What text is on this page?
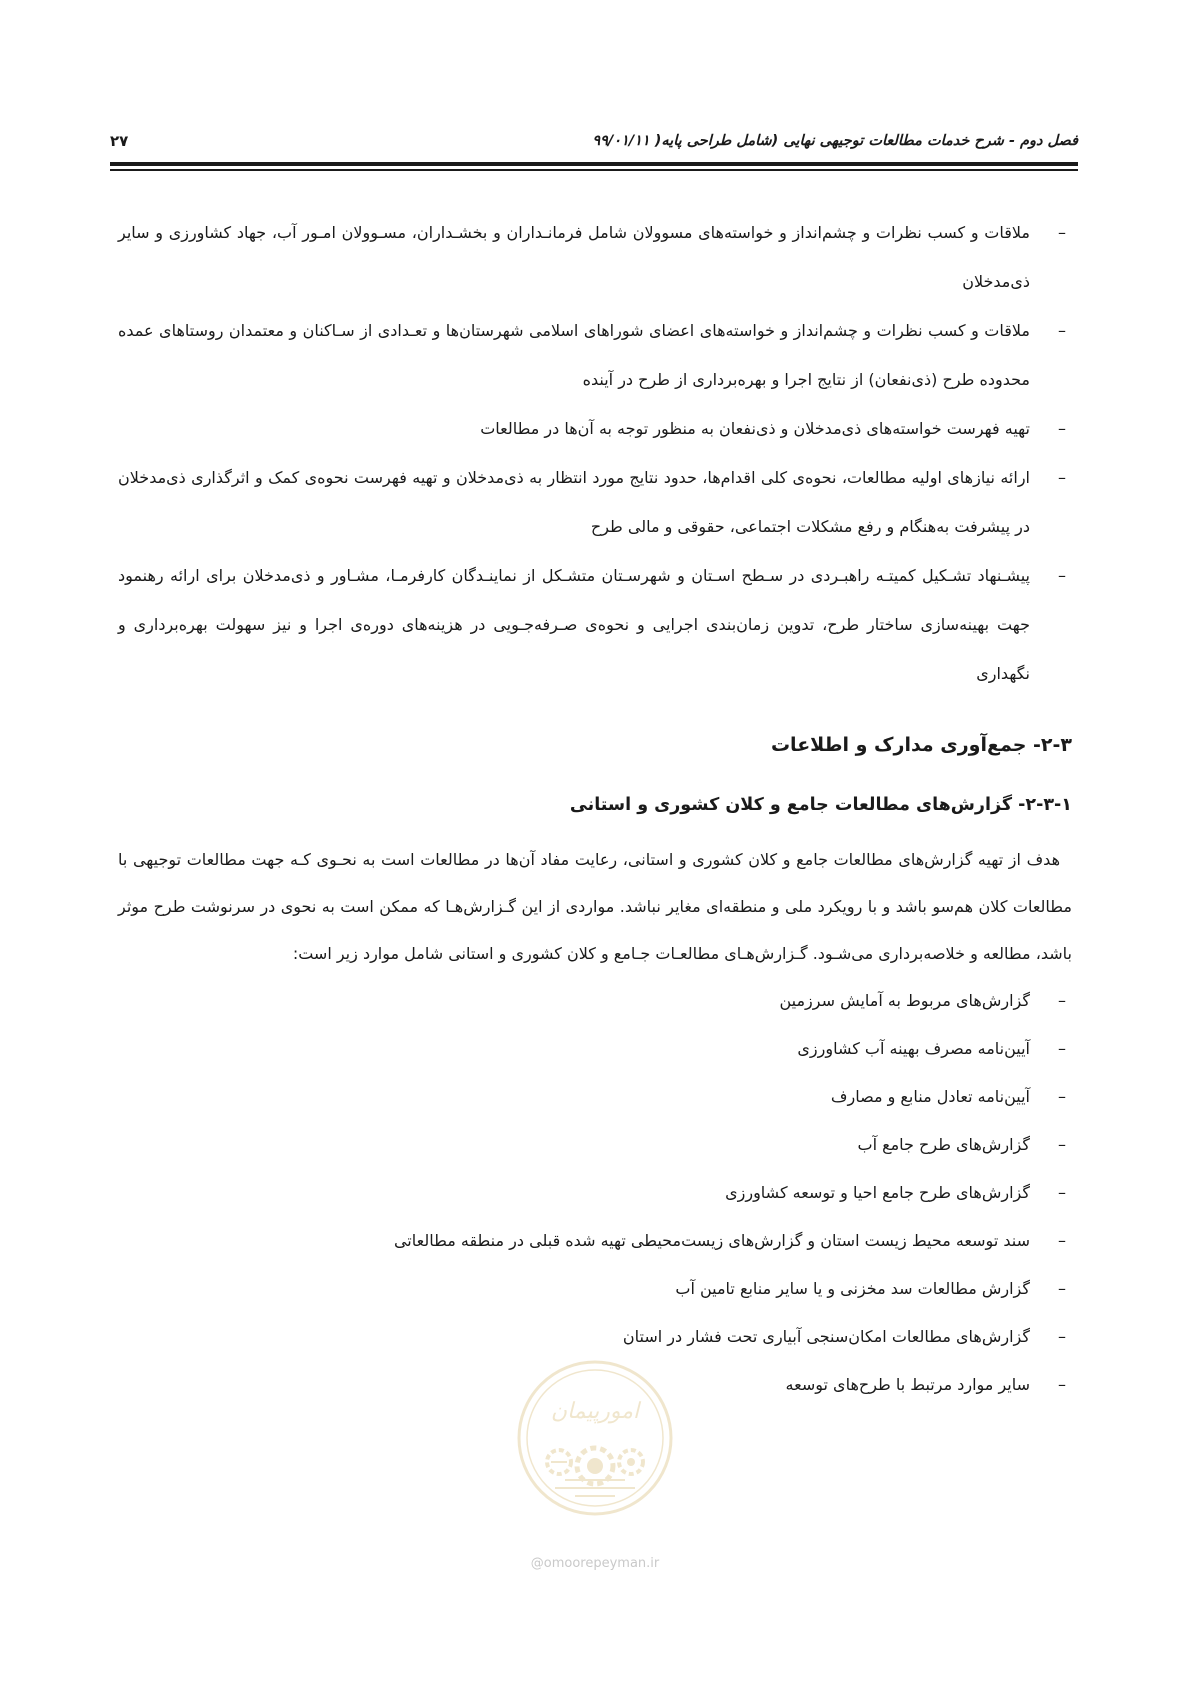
فصل دوم - شرح خدمات مطالعات توجیهی نهایی (شامل طراحی پایه( ۹۹/۰۱/۱۱
۲۷
–
ملاقات و کسب نظرات و چشم‌انداز و خواسته‌های مسوولان شامل فرمانـداران و بخشـداران، مسـوولان امـور آب، جهاد کشاورزی و سایر ذی‌مدخلان
–
ملاقات و کسب نظرات و چشم‌انداز و خواسته‌های اعضای شوراهای اسلامی شهرستان‌ها و تعـدادی از سـاکنان و معتمدان روستاهای عمده محدوده طرح (ذی‌نفعان) از نتایج اجرا و بهره‌برداری از طرح در آینده
–
تهیه فهرست خواسته‌های ذی‌مدخلان و ذی‌نفعان به منظور توجه به آن‌ها در مطالعات
–
ارائه نیازهای اولیه مطالعات، نحوه‌ی کلی اقدام‌ها، حدود نتایج مورد انتظار به ذی‌مدخلان و تهیه فهرست نحوه‌ی کمک و اثرگذاری ذی‌مدخلان در پیشرفت به‌هنگام و رفع مشکلات اجتماعی، حقوقی و مالی طرح
–
پیشـنهاد تشـکیل کمیتـه راهبـردی در سـطح اسـتان و شهرسـتان متشـکل از نماینـدگان کارفرمـا، مشـاور و ذی‌مدخلان برای ارائه رهنمود جهت بهینه‌سازی ساختار طرح، تدوین زمان‌بندی اجرایی و نحوه‌ی صـرفه‌جـویی در هزینه‌های دوره‌ی اجرا و نیز سهولت بهره‌برداری و نگهداری
۲-۳- جمع‌آوری مدارک و اطلاعات
۲-۳-۱- گزارش‌های مطالعات جامع و کلان کشوری و استانی

هدف از تهیه گزارش‌های مطالعات جامع و کلان کشوری و استانی، رعایت مفاد آن‌ها در مطالعات است به نحـوی کـه جهت مطالعات توجیهی با مطالعات کلان هم‌سو باشد و با رویکرد ملی و منطقه‌ای مغایر نباشد. مواردی از این گـزارش‌هـا که ممکن است به نحوی در سرنوشت طرح موثر باشد، مطالعه و خلاصه‌برداری می‌شـود. گـزارش‌هـای مطالعـات جـامع و کلان کشوری و استانی شامل موارد زیر است:

–
گزارش‌های مربوط به آمایش سرزمین
–
آیین‌نامه مصرف بهینه آب کشاورزی
–
آیین‌نامه تعادل منابع و مصارف
–
گزارش‌های طرح جامع آب
–
گزارش‌های طرح جامع احیا و توسعه کشاورزی
–
سند توسعه محیط زیست استان و گزارش‌های زیست‌محیطی تهیه شده قبلی در منطقه مطالعاتی
–
گزارش مطالعات سد مخزنی و یا سایر منابع تامین آب
–
گزارش‌های مطالعات امکان‌سنجی آبیاری تحت فشار در استان
–
سایر موارد مرتبط با طرح‌های توسعه
امورپیمان
@omoorepeyman.ir
